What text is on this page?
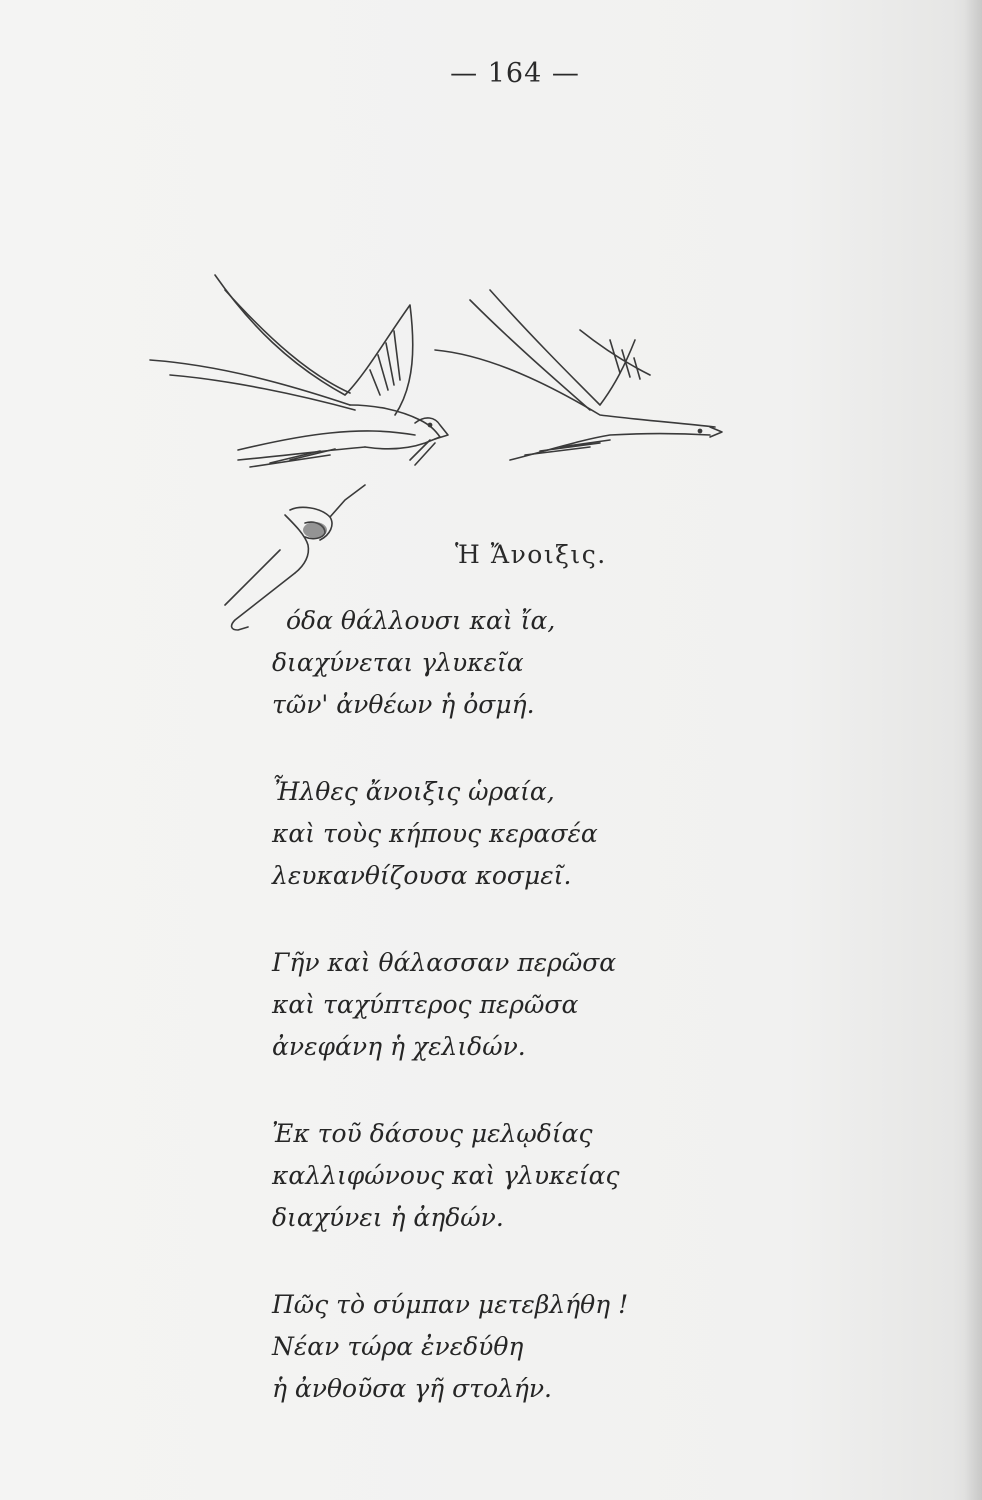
— 164 —
Ἡ Ἄνοιξις.
όδα θάλλουσι καὶ ἴα,
διαχύνεται γλυκεῖα
τῶν' ἀνθέων ἡ ὀσμή.
Ἦλθες ἄνοιξις ὡραία,
καὶ τοὺς κήπους κερασέα
λευκανθίζουσα κοσμεῖ.
Γῆν καὶ θάλασσαν περῶσα
καὶ ταχύπτερος περῶσα
ἀνεφάνη ἡ χελιδών.
Ἐκ τοῦ δάσους μελῳδίας
καλλιφώνους καὶ γλυκείας
διαχύνει ἡ ἀηδών.
Πῶς τὸ σύμπαν μετεβλήθη !
Νέαν τώρα ἐνεδύθη
ἡ ἀνθοῦσα γῆ στολήν.
